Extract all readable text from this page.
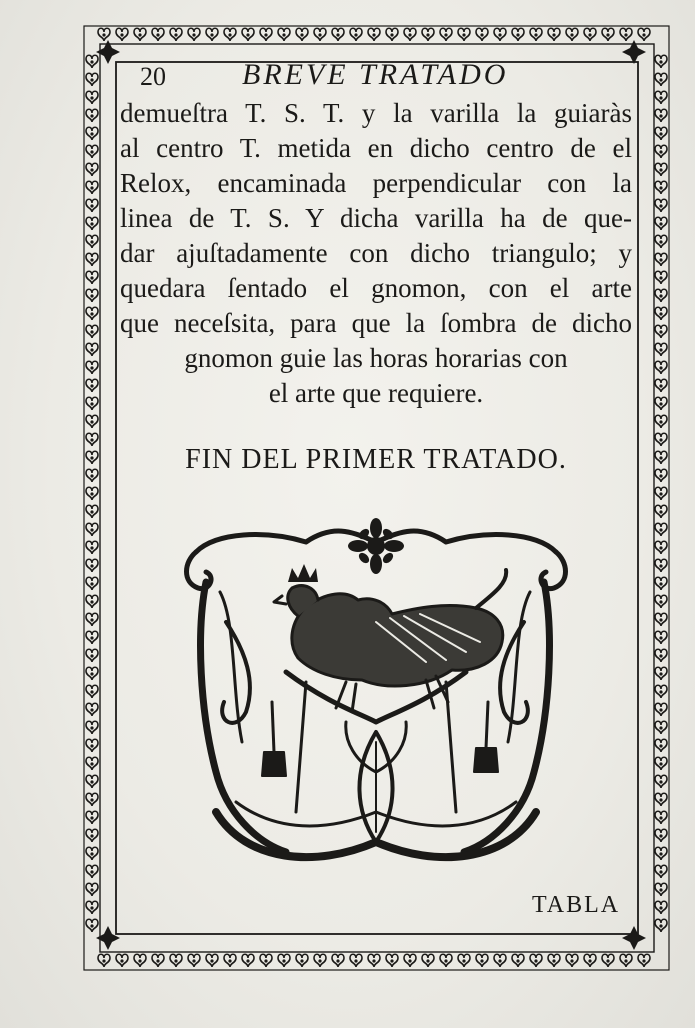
20	BREVE TRATADO
demueſtra T. S. T. y la varilla la guiaràs
al centro T. metida en dicho centro de el
Relox, encaminada perpendicular con la
linea de T. S. Y dicha varilla ha de que-
dar ajuſtadamente con dicho triangulo; y
quedara ſentado el gnomon, con el arte
que neceſsita, para que la ſombra de dicho
gnomon guie las horas horarias con
el arte que requiere.
FIN DEL PRIMER TRATADO.
TABLA
